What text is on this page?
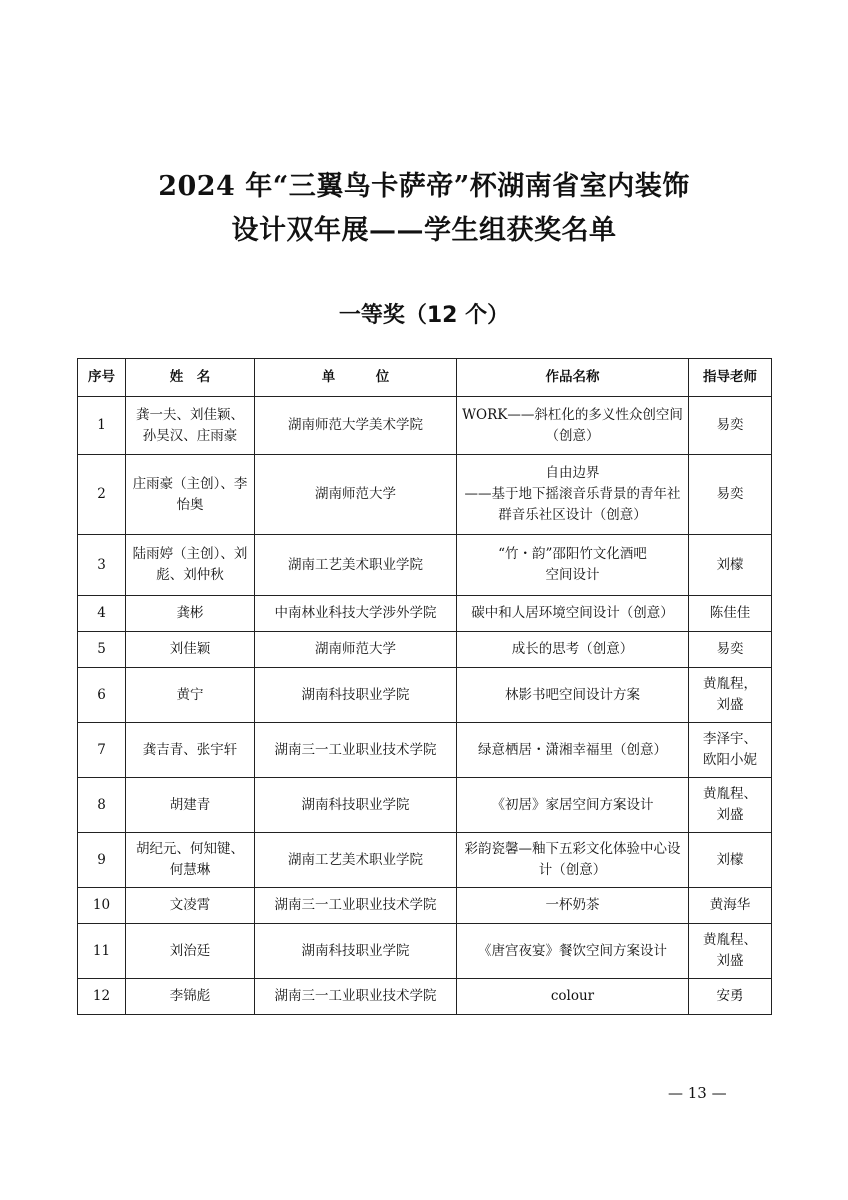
2024 年“三翼鸟卡萨帝”杯湖南省室内装饰
设计双年展——学生组获奖名单
一等奖（12 个）
序号	姓　名	单　　　位	作品名称	指导老师
1	龚一夫、刘佳颖、孙昊汉、庄雨豪	湖南师范大学美术学院	WORK——斜杠化的多义性众创空间（创意）	易奕
2	庄雨豪（主创）、李怡奥	湖南师范大学	自由边界
——基于地下摇滚音乐背景的青年社群音乐社区设计（创意）	易奕
3	陆雨婷（主创）、刘彪、刘仲秋	湖南工艺美术职业学院	“竹・韵”邵阳竹文化酒吧
空间设计	刘檬
4	龚彬	中南林业科技大学涉外学院	碳中和人居环境空间设计（创意）	陈佳佳
5	刘佳颖	湖南师范大学	成长的思考（创意）	易奕
6	黄宁	湖南科技职业学院	林影书吧空间设计方案	黄胤程，
刘盛
7	龚吉青、张宇轩	湖南三一工业职业技术学院	绿意栖居・潇湘幸福里（创意）	李泽宇、
欧阳小妮
8	胡建青	湖南科技职业学院	《初居》家居空间方案设计	黄胤程、
刘盛
9	胡纪元、何知键、何慧琳	湖南工艺美术职业学院	彩韵瓷馨—釉下五彩文化体验中心设计（创意）	刘檬
10	文凌霄	湖南三一工业职业技术学院	一杯奶茶	黄海华
11	刘治廷	湖南科技职业学院	《唐宫夜宴》餐饮空间方案设计	黄胤程、
刘盛
12	李锦彪	湖南三一工业职业技术学院	colour	安勇
— 13 —
